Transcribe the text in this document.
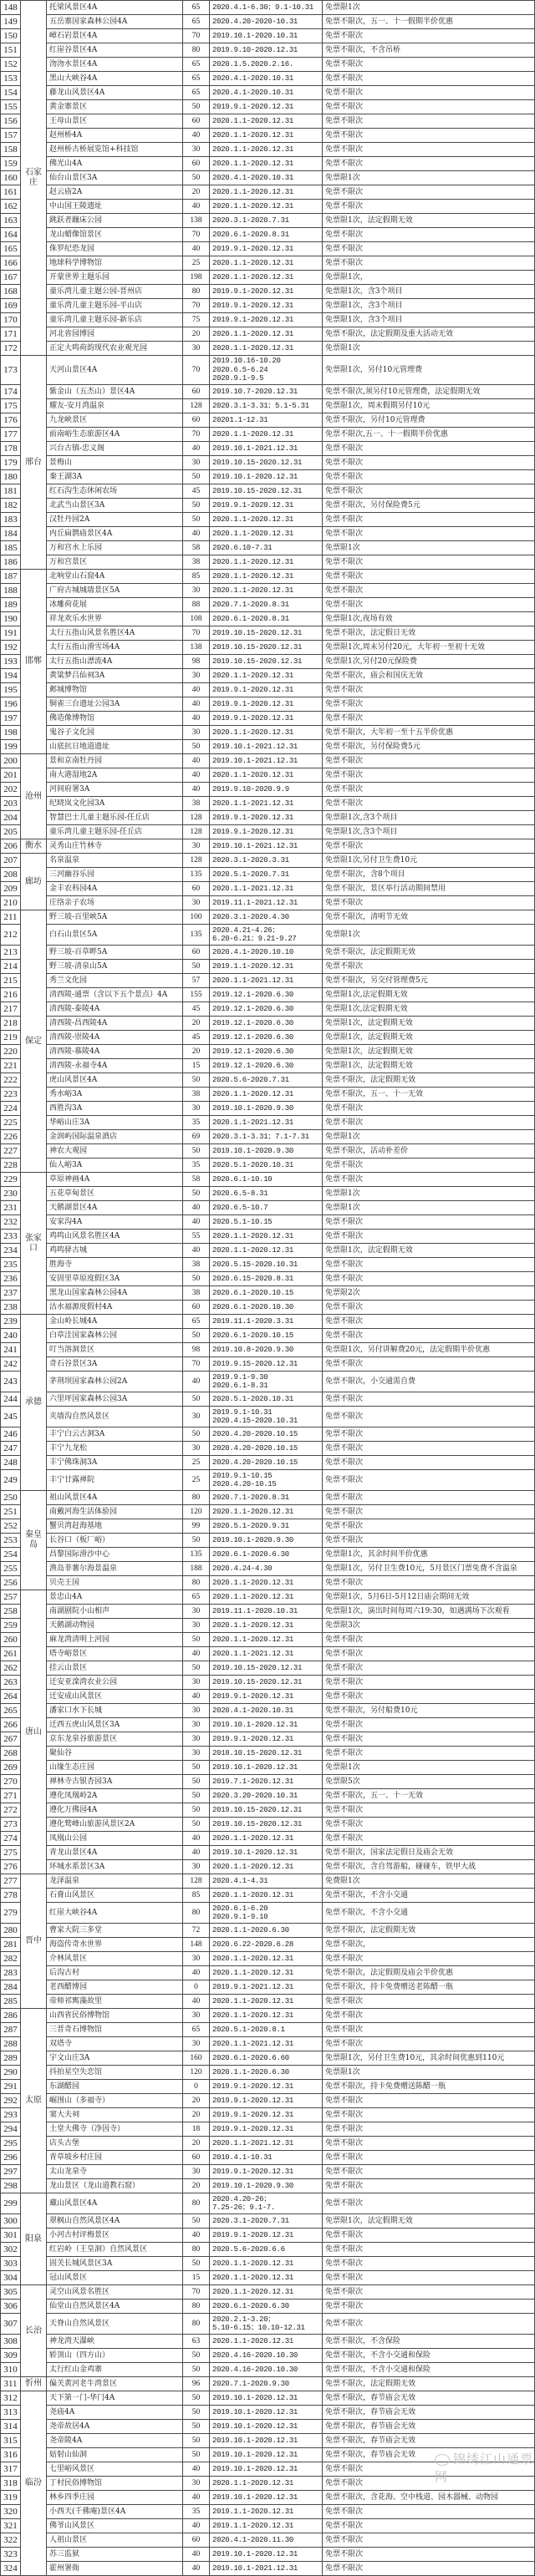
148	石家庄	托梁风景区4A	65	2020.4.1-6.30；9.1-10.31	免票限1次
149		五岳寨国家森林公园4A	65	2020.4.20-2020-10.31	免票不限次，五一、十一假期半价优惠
150		嶂石岩景区4A	70	2019.10.1-2020.10.31	免票不限次
151		红崖谷景区4A	80	2019.9.10-2020.12.31	免票不限次，不含吊桥
152		沕沕水景区4A	65	2020.1.5.2020.2.16.	免票不限次
153		黑山大峡谷4A	65	2020.4.1-2020.10.31	免票不限次
154		藤龙山风景区4A	65	2020.4.1-2020.10.31	免票不限次
155		黄金寨景区	50	2019.9.1-2020.12.31	免票不限次
156		王母山景区	60	2020.1.1-2020.12.31	免票不限次
157		赵州桥4A	40	2020.1.1-2020.12.31	免票不限次
158		赵州桥古桥展览馆+科技馆	30	2020.1.1-2020.12.31	免票不限次
159		佛光山4A	60	2020.1.1-2020.12.31	免票不限次
160		仙台山景区3A	50	2020.4.1-2020.10.31	免票限1次
161		赵云庙2A	20	2020.1.1-2020.12.31	免票不限次
162		中山国王陵遗址	40	2020.1.1-2020.12.31	免票不限次
163		跳跃者蹦床公园	138	2020.3.1-2020.7.31	免票限1次，法定假期无效
164		龙山蜡像馆景区	70	2020.6.1-2020.8.31	免票不限次
165		侏罗纪恐龙园	40	2019.9.1-2020.12.31	免票不限次
166		地球科学博物馆	25	2020.1.1-2020.12.31	免票不限次
167		开蒙世界主题乐园	198	2020.1.1-2020.12.31	免票限1次，
168		童乐湾儿童主题公园-晋州店	80	2019.9.1-2020.12.31	免票限1次，含3个项目
169		童乐湾儿童主题乐园-平山店	70	2019.9.1-2020.12.31	免票限1次，含3个项目
170		童乐湾儿童主题乐园-新乐店	75	2019.9.1-2020.12.31	免票限1次，含3个项目
171		河北省园博园	20	2020.1.1-2020.12.31	免票不限次，法定假期及重大活动无效
172		正定大鸣荷韵现代农业观光园	30	2020.1.1-2020.12.31	免票限1次
173	邢台	天河山景区4A	70	2019.10.16-10.20
2020.6.5-6.24
2020.9.1-9.5	免票限1次，另付10元管理费
174		紫金山（五杰山）景区4A	60	2019.10.7-2020.12.31	免票不限次,须另付10元管理费，法定假期无效
175		耀友-安月湾温泉	128	2020.3.1-3.31；5.1-5.31	免票限1次，周末假期另付10元
176		九龙峡景区	60	20201.1-12.31	免票不限次，另付10元管理费
177		前南峪生态旅游区4A	70	2020.1.1-2020.12.31	免票不限次,五一、十一假期半价优惠
178		兴台古镇-忠义阁	40	2019.10.1-2021.12.31	免票不限次
179		景梅山	30	2019.10.15-2020.12.31	免票不限次
180		秦王湖3A	50	2019.10.1-2020.12.31	免票不限次
181		红石沟生态休闲农场	45	2019.10.15-2020.12.31	免票不限次
182		北武当山景区3A	50	2019.9.1-2020.12.31	免票不限次，另付保险费5元
183		汉牡丹园2A	50	2020.1.1-2020.12.31	免票不限次
184		内丘扁鹊庙景区4A	40	2020.1.1-2020.12.31	免票不限次
185		万和宫水上乐园	58	2020.6.10-7.31	免票限1次
186		万和宫景区	38	2020.1.1-2020.12.31	免票不限次
187	邯郸	北响堂山石窟4A	85	2020.1.1-2020.12.31	免票不限次
188		广府古城城墙景区5A	30	2020.1.1-2020.12.31	免票不限次
189		冰雕荷花展	88	2020.7.1-2020.8.31	免票不限次
190		祥龙欢乐水世界	108	2020.6.1-2020.8.31	免票限1次,夜场有效
191		太行五指山风景名胜区4A	70	2019.10.15-2020.12.31	免票不限次，法定假日无效
192		太行五指山滑雪场4A	138	2019.10.15-2020.12.31	免票限1次,周末另付20元，大年初一至初十无效
193		太行五指山漂流4A	98	2019.10.15-2020.12.31	免票限1次,另付20元保险费
194		黄粱梦吕仙祠3A	30	2020.1.1-2020.12.31	免票不限次，庙会和国庆无效
195		邺城博物馆	40	2019.9.1-2020.12.31	免票不限次
196		铜雀三台遗址公园3A	40	2019.9.1-2020.12.31	免票不限次
197		佛造像博物馆	40	2019.9.1-2020.12.31	免票不限次
198		鬼谷子文化园	30	2020.1.1-2020.12.31	免票不限次，大年初一至十五半价优惠
199		山底抗日地道遗址	50	2019.10.1-2021.12.31	免票不限次，另付保险费5元
200	沧州	景和京南牡丹园	40	2019.10.1-2021.12.31	免票不限次
201		南大港湿地2A	40	2020.1.1-2020.12.31	免票不限次
202		河间府署3A	40	2019.9.10-2020.9.9	免票不限次
203		纪晓岚文化园3A	38	2020.1.1-2021.12.31	免票不限次
204		智慧巴士儿童主题乐园-任丘店	128	2019.9.1-2020.12.31	免票限1次,含3个项目
205		童乐湾儿童主题乐园-任丘店	128	2019.9.1-2020.12.31	免票限1次,含3个项目
206	衡水	灵秀山庄竹林寺	30	2019.10.1-2021.12.31	免票不限次
207	廊坊	名泉温泉	128	2020.3.1-2020.3.31	免票限1次,另付卫生费10元
208		三河幽谷乐园	135	2020.5.1-2020.7.31	免票不限次，含8个项目
209		金丰农科园4A	60	2020.1.1-2021.12.31	免票不限次，景区举行活动期间禁用
210		庄络亲子农场	30	2019.11.1-2021.12.31	免票不限次
211	保定	野三坡-百里峡5A	100	2020.3.1-2020.4.30	免票不限次，清明节无效
212		白石山景区5A	135	2020.4.21-4.26；
6.20-6.21；9.21-9.27	免票限1次
213		野三坡-百草畔5A	60	2020.4.1-2020.10.10	免票不限次，法定假期无效
214		野三坡-清泉山5A	50	2019.1.1-2020.12.31	免票不限次
215		秀兰文化园	57	2020.1.1-2021.12.31	免票不限次，另交付管理费5元
216		清西陵-通票（含以下五个景点）4A	155	2019.12.1-2020.6.30	免票限1次,法定假期无效
217		清西陵-泰陵4A	45	2019.12.1-2020.6.30	免票限1次,法定假期无效
218		清西陵-昌西陵4A	20	2019.12.1-2020.6.30	免票限1次，法定假期无效
219		清西陵-崇陵4A	45	2019.12.1-2020.6.30	免票限1次，法定假期无效
220		清西陵-慕陵4A	20	2019.12.1-2020.6.30	免票限1次，法定假期无效
221		清西陵-永福寺4A	15	2019.12.1-2020.6.30	免票限1次，法定假期无效
222		虎山风景区4A	50	2020.5.6-2020.7.31	免票不限次，法定假期无效
223		秀水峪3A	38	2020.1.1-2020.12.31	免票不限次，五一、十一无效
224		西胜沟3A	30	2019.10.1-2020.9.30	免票不限次
225		华峪山庄3A	35	2020.1.1-2021.12.31	免票不限次
226		金润屿国际温泉酒店	69	2020.3.1-3.31；7.1-7.31	免票限1次
227		神农大观园	50	2019.10.1-2020.9.30	免票不限次，活动补差价
228		仙人峪3A	35	2020.5.1-2020.10.31	免票不限次
229	张家口	草原神画4A	58	2020.6.1-10.10	免票不限次
230		五花草甸景区	50	2020.6.5-8.31	免票限1次
231		天鹅湖景区4A	40	2020.6.5-10.7	免票限1次
232		安家沟4A	40	2020.5.1-10.15	免票不限次
233		鸡鸣山风景名胜区4A	55	2020.1.1-2020.12.31	免票不限次
234		鸡鸣驿古城	40	2020.1.1-2020.12.31	免票限1次，法定假期无效
235		胜海寺	38	2020.5.15-2020.10.31	免票不限次
236		安固里草原度假区3A	50	2020.6.15-2020.8.31	免票不限次
237		黑龙山国家森林公园4A	38	2020.6.1-2020.10.15	免票限2次
238		沽水福源度假村4A	60	2020.6.1-2020.10.30	免票不限次
239	承德	金山岭长城4A	65	2019.11.1-2020.3.31	免票不限次
240		白草洼国家森林公园	50	2020.6.1-2020.10.15	免票不限次
241		叮当溶洞景区	98	2019.10.8-2020.9.30	免票限1次，另付讲解费20元，法定假期半价优惠
242		奇石谷景区3A	70	2019.9.15-2020.12.31	免票不限次
243		茅荆坝国家森林公园2A	40	2019.9.1-9.30
2020.6.1-8.31	免票不限次，小交通需自费
244		六里坪国家森林公园3A	50	2020.5.1-2020.10.31	免票不限次
245		夹墙沟自然风景区	30	2019.9.1-10.31
2020.4.15-2020.10.31	免票不限次
246		丰宁白云古洞3A	50	2020.4.20-2020.10.15	免票不限次
247		丰宁九龙松	30	2020.4.20-2020.10.15	免票不限次
248		丰宁佛珠洞3A	25	2020.4.20-2020.10.15	免票不限次
249		丰宁甘露禅院	25	2019.9.1-10.15
2020.4.20-10.15	免票不限次
250	秦皇岛	祖山风景区4A	80	2020.7.1-2020.8.31	免票不限次
251		南戴河海生活体验园	120	2020.1.1-2020.12.31	免票不限次
252		蟹贝湾赶海基地	99	2020.5.1-2020.9.31	免票不限次
253		长谷口（板厂峪）	50	2019.10.1-2020.9.30	免票不限次
254		昌黎国际滑沙中心	135	2020.6.1-2020.6.30	免票限1次，其余时间半价优惠
255		渔岛菲薯尔海景温泉	188	2020.4.24-4.30	免票限1次，另付卫生费10元，5月景区门票免费不含温泉
256		贝壳王国	80	2020.1.1-2020.12.31	免票不限次
257	唐山	景忠山4A	65	2020.1.1-2020.12.31	免票限1次，5月6日-5月12日庙会期间无效
258		南湖剧院小山相声	30	2019.11.1-2020.10.31	免票限1次，演出时间每周六19:30，如遇满场下次观看
259		天鹅湖动物园	30	2020.1.1-2020.12.31	免票限3次
260		麻龙湾清明上河园	50	2020.1.1-2020.12.31	免票不限次
261		塔寺峪景区	40	2020.1.1-2021.12.31	免票不限次
262		挂云山景区	50	2019.10.15-2020.12.31	免票不限次
263		迁安亚滦湾农业公园	30	2019.10.15-2020.12.31	免票不限次
264		迁安成山风景区	40	2019.9.1-2020.12.31	免票不限次
265		潘家口水下长城	30	2020.4.1-2020.10.31	免票不限次，另付船费10元
266		迁西五虎山风景区3A	30	2019.10.1-2020.12.31	免票不限次
267		京东龙泉谷旅游景区	30	2019.9.1-2020.12.31	免票不限次
268		聚仙谷	30	2018.10.15-2020.12.31	免票不限次
269		山缘生态庄园	50	2019.10.1-2020.12.31	免票限1次
270		禅林寺古银杏园3A	50	2019.7.1-2020.12.31	免票限5次
271		遵化凤凰岭2A	50	2020.3.20-2020.10.31	免票不限次，五一、十一无效
272		遵化万佛园4A	50	2019.10.15-2020.12.31	免票不限次
273		遵化鹫峰山旅游风景区2A	50	2019.10.15-2020.12.31	免票不限次
274		凤凰山公园	40	2020.1.1-2020.12.31	免票不限次
275		青龙山景区4A	40	2019.10.1-2020.12.31	免票不限次，国家法定假日及庙会无效
276		环城水系景区3A	30	2020.1.1-2020.12.31	免票不限次，含自驾游船，碰碰车，铁甲大战
277	晋中	龙泽温泉	128	2020.4.1-4.31	免费限1次
278		石膏山风景区	85	2020.1.1-2020.12.31	免票不限次，不含小交通
279		红崖大峡谷4A	80	2020.6.1-6.20
2020.9.1-9.10	免票不限次，不含小交通
280		曹家大院三多堂	72	2020.1.1-2020.6.30	免票不限次，法定假期无效
281		海盗传奇水世界	148	2020.6.22-2020.6.28	免票不限次，
282		介林风景区	30	2020.1.1-2020.12.31	免票不限次
283		后沟古村	40	2020.1.1-2020.12.31	免票不限次，法定假期及庙会半价优惠
284		老西醋博园	0	2019.9.1-2021.12.31	免票不限次，持卡免费赠送老陈醋一瓶
285		帝师祁寯藻故里	40	2020.1.1-2020.12.31	免票不限次
286	太原	山西省民俗博物馆	30	2020.1.1-2020.12.31	免票不限次
287		三晋奇石博物馆	65	2020.5.1-2020.8.1	免票不限次
288		双塔寺	30	2020.1.1-2021.12.31	免票不限次
289		宇文山庄3A	160	2020.6.1-2020.6.60	免票限1次，另付卫生费10元，其余时间优惠到110元
290		抖拍星空失恋馆	120	2020.1.1-2020.6.30	免票限1次
291		东湖醋园	0	2019.9.1-2020.12.31	免票不限次，持卡免费赠送陈醋一瓶
292		崛围山（多福寺）	20	2019.9.1-2020.12.31	免票不限次
293		窦大夫祠	20	2019.9.1-2020.12.31	免票不限次
294		土堂大佛寺（净因寺）	18	2019.9.1-2020.12.31	免票不限次
295		店头古堡	20	2020.1.1-2021.12.31	免票不限次
296		青草坡乡村庄园	60	2010.4.1-10.31	免票不限次
297		太山龙泉寺	30	2019.9.1-2020.12.31	免票不限次
298		龙山景区（龙山道教石窟）	20	2019.10.1-2020.9.30	免票不限次
299	阳泉	藏山风景区4A	80	2020.4.20-26；
7.25-26；9.1-7.	免票不限次
300		翠枫山自然风景区4A	50	2020.3.1-2020.7.31	免票限1次，法定假期无效
301		小河古村评梅景区	40	2019.9.1-2020.12.31	免票不限次
302		红岩岭（王皇洞）自然风景区	80	2020.5.6-2020.6.6	免票不限次
303		固关长城风景区3A	50	2020.1.1-2020.12.31	免票不限次
304		冠山风景区	15	2020.1.1-2020.12.31	免票不限次
305	长治	灵空山风景名胜区	70	2020.1.1-2020.12.31	免票不限次
306		仙堂山自然风景区4A	80	2020.6.1-2020.6.30	免票不限次
307		天脊山自然风景区	80	2020.2.1-3.20；
5.10-6.15；10.10-12.31	免票不限次
308		神龙湾天瀑峡	63	2020.1.1-2020.12.31	免票不限次，不含保险
309		轿顶山（四方山）	50	2020.4.16-2020.10.30	免票不限次，不含小交通和保险
310		太行红山金鸡寨	50	2020.4.16-2020.10.30	免票不限次，不含小交通和保险
311	忻州	偏关黄河老牛湾景区	96	2020.7.1-2020.9.30	免票不限次，法定假期无效
312	临汾	天下第一门-华门4A	50	2019.10.1-2020.12.31	免票不限次，春节庙会无效
313		尧庙4A	50	2019.10.1-2020.12.31	免票不限次，春节庙会无效
314		尧帝故居4A	50	2019.10.1-2020.12.31	免票不限次，春节庙会无效
315		尧帝陵4A	50	2019.10.1-2020.12.31	免票不限次，春节庙会无效
316		姑射山仙洞	50	2019.10.1-2020.12.31	免票不限次，春节庙会无效
317		七里峪风景区	40	2019.10.1-2020.12.31	免票不限次
318		丁村民俗博物馆	30	2020.1.1-2020.12.31	免票不限次
319		林乡四季庄园	40	2019.10.1-2020.12.31	免票不限次，含花海、空中栈道、园木器械、动物园
320		小西天(千佛庵)景区4A	35	2019.1.1-2020.12.31	免票不限次
321		佛爷山风景区	40	2019.1.1-2020.12.31	免票不限次
322		人祖山景区	60	2020.4.1-2020.11.30	免票不限次
323		苏三监狱	40	2019.10.1-2020.12.31	免票不限次
324		霍州署衙	40	2019.10.1-2021.12.31	免票不限次
锦绣江山通票网
